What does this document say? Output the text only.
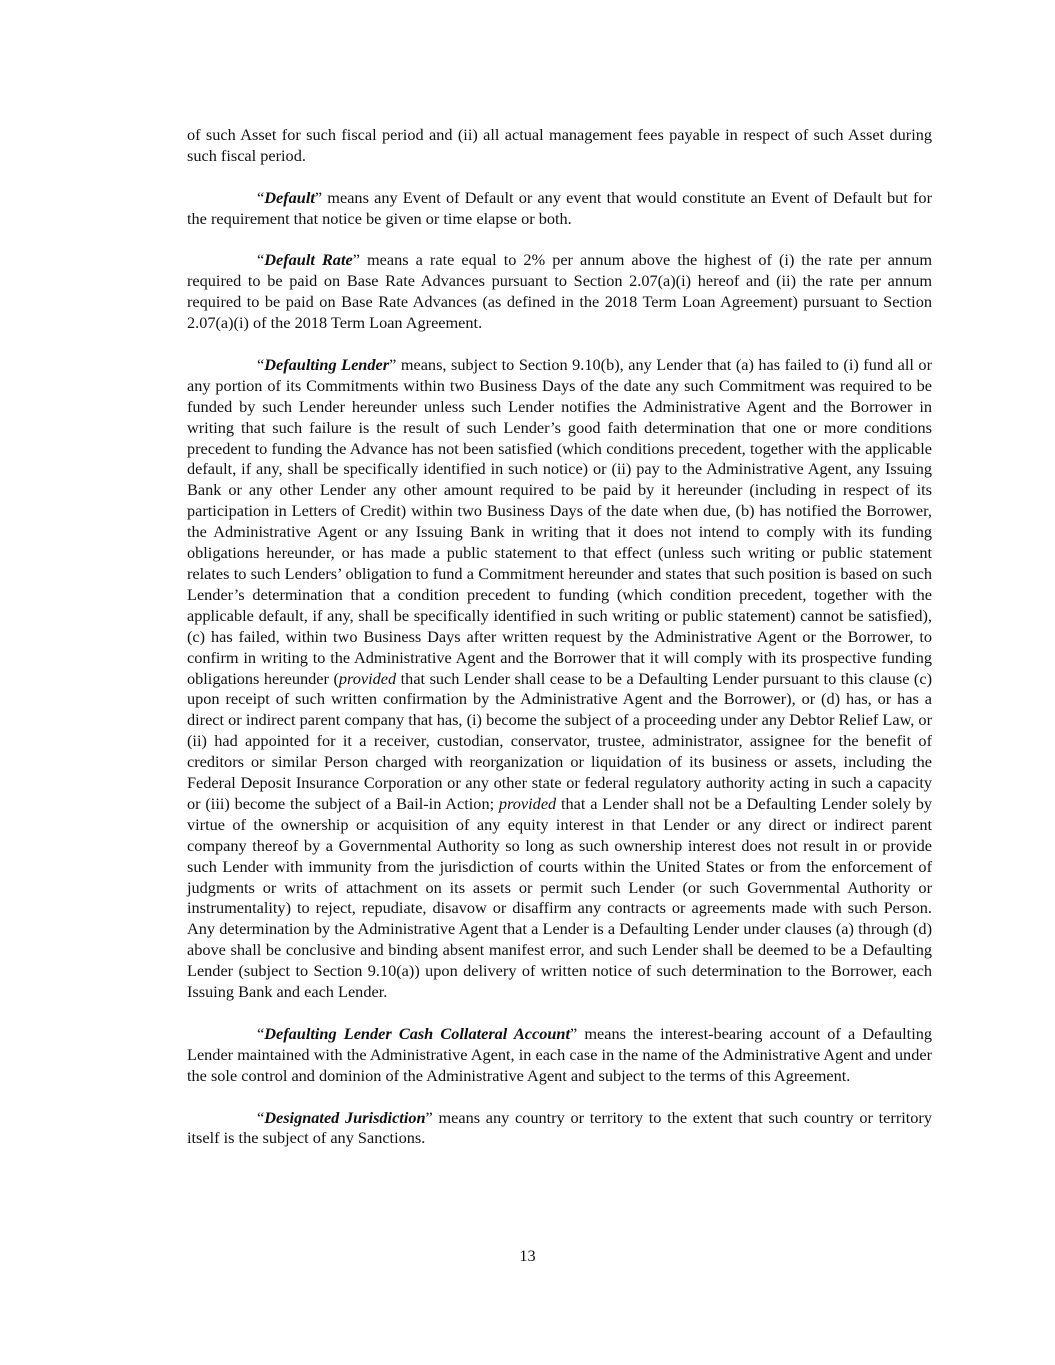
of such Asset for such fiscal period and (ii) all actual management fees payable in respect of such Asset during such fiscal period.

“Default” means any Event of Default or any event that would constitute an Event of Default but for the requirement that notice be given or time elapse or both.

“Default Rate” means a rate equal to 2% per annum above the highest of (i) the rate per annum required to be paid on Base Rate Advances pursuant to Section 2.07(a)(i) hereof and (ii) the rate per annum required to be paid on Base Rate Advances (as defined in the 2018 Term Loan Agreement) pursuant to Section 2.07(a)(i) of the 2018 Term Loan Agreement.

“Defaulting Lender” means, subject to Section 9.10(b), any Lender that (a) has failed to (i) fund all or any portion of its Commitments within two Business Days of the date any such Commitment was required to be funded by such Lender hereunder unless such Lender notifies the Administrative Agent and the Borrower in writing that such failure is the result of such Lender’s good faith determination that one or more conditions precedent to funding the Advance has not been satisfied (which conditions precedent, together with the applicable default, if any, shall be specifically identified in such notice) or (ii) pay to the Administrative Agent, any Issuing Bank or any other Lender any other amount required to be paid by it hereunder (including in respect of its participation in Letters of Credit) within two Business Days of the date when due, (b) has notified the Borrower, the Administrative Agent or any Issuing Bank in writing that it does not intend to comply with its funding obligations hereunder, or has made a public statement to that effect (unless such writing or public statement relates to such Lenders’ obligation to fund a Commitment hereunder and states that such position is based on such Lender’s determination that a condition precedent to funding (which condition precedent, together with the applicable default, if any, shall be specifically identified in such writing or public statement) cannot be satisfied), (c) has failed, within two Business Days after written request by the Administrative Agent or the Borrower, to confirm in writing to the Administrative Agent and the Borrower that it will comply with its prospective funding obligations hereunder (provided that such Lender shall cease to be a Defaulting Lender pursuant to this clause (c) upon receipt of such written confirmation by the Administrative Agent and the Borrower), or (d) has, or has a direct or indirect parent company that has, (i) become the subject of a proceeding under any Debtor Relief Law, or (ii) had appointed for it a receiver, custodian, conservator, trustee, administrator, assignee for the benefit of creditors or similar Person charged with reorganization or liquidation of its business or assets, including the Federal Deposit Insurance Corporation or any other state or federal regulatory authority acting in such a capacity or (iii) become the subject of a Bail-in Action; provided that a Lender shall not be a Defaulting Lender solely by virtue of the ownership or acquisition of any equity interest in that Lender or any direct or indirect parent company thereof by a Governmental Authority so long as such ownership interest does not result in or provide such Lender with immunity from the jurisdiction of courts within the United States or from the enforcement of judgments or writs of attachment on its assets or permit such Lender (or such Governmental Authority or instrumentality) to reject, repudiate, disavow or disaffirm any contracts or agreements made with such Person. Any determination by the Administrative Agent that a Lender is a Defaulting Lender under clauses (a) through (d) above shall be conclusive and binding absent manifest error, and such Lender shall be deemed to be a Defaulting Lender (subject to Section 9.10(a)) upon delivery of written notice of such determination to the Borrower, each Issuing Bank and each Lender.

“Defaulting Lender Cash Collateral Account” means the interest-bearing account of a Defaulting Lender maintained with the Administrative Agent, in each case in the name of the Administrative Agent and under the sole control and dominion of the Administrative Agent and subject to the terms of this Agreement.

“Designated Jurisdiction” means any country or territory to the extent that such country or territory itself is the subject of any Sanctions.

13
